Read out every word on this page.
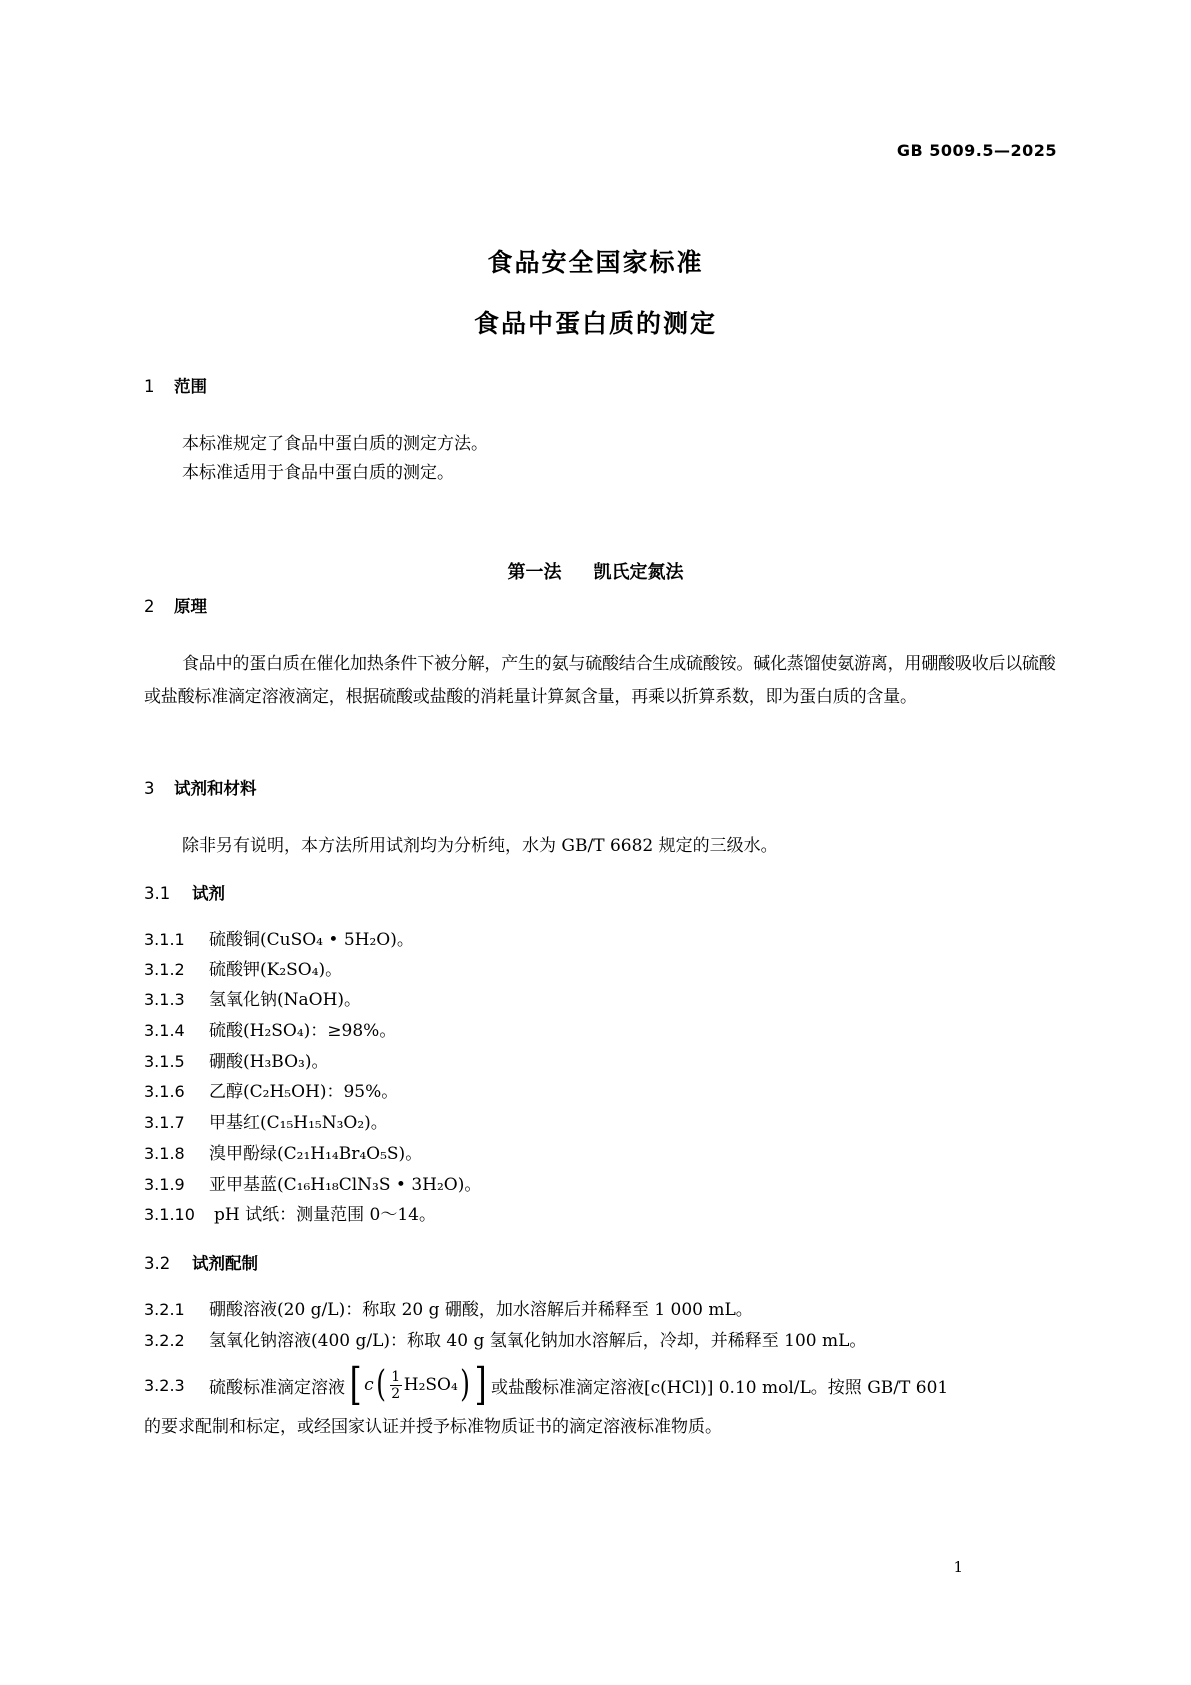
GB 5009.5—2025
食品安全国家标准
食品中蛋白质的测定
1 范围
本标准规定了食品中蛋白质的测定方法。
本标准适用于食品中蛋白质的测定。
第一法 凯氏定氮法
2 原理
食品中的蛋白质在催化加热条件下被分解，产生的氨与硫酸结合生成硫酸铵。碱化蒸馏使氨游离，用硼酸吸收后以硫酸或盐酸标准滴定溶液滴定，根据硫酸或盐酸的消耗量计算氮含量，再乘以折算系数，即为蛋白质的含量。
3 试剂和材料
除非另有说明，本方法所用试剂均为分析纯，水为 GB/T 6682 规定的三级水。
3.1 试剂
3.1.1 硫酸铜(CuSO₄ • 5H₂O)。
3.1.2 硫酸钾(K₂SO₄)。
3.1.3 氢氧化钠(NaOH)。
3.1.4 硫酸(H₂SO₄)：≥98%。
3.1.5 硼酸(H₃BO₃)。
3.1.6 乙醇(C₂H₅OH)：95%。
3.1.7 甲基红(C₁₅H₁₅N₃O₂)。
3.1.8 溴甲酚绿(C₂₁H₁₄Br₄O₅S)。
3.1.9 亚甲基蓝(C₁₆H₁₈ClN₃S • 3H₂O)。
3.1.10 pH 试纸：测量范围 0～14。
3.2 试剂配制
3.2.1 硼酸溶液(20 g/L)：称取 20 g 硼酸，加水溶解后并稀释至 1 000 mL。
3.2.2 氢氧化钠溶液(400 g/L)：称取 40 g 氢氧化钠加水溶解后，冷却，并稀释至 100 mL。
3.2.3	硫酸标准滴定溶液 [ c ( $\frac{1}{2} H_2SO_4$ ) ] 或盐酸标准滴定溶液[c(HCl)] 0.10 mol/L。按照 GB/T 601
的要求配制和标定，或经国家认证并授予标准物质证书的滴定溶液标准物质。
1
